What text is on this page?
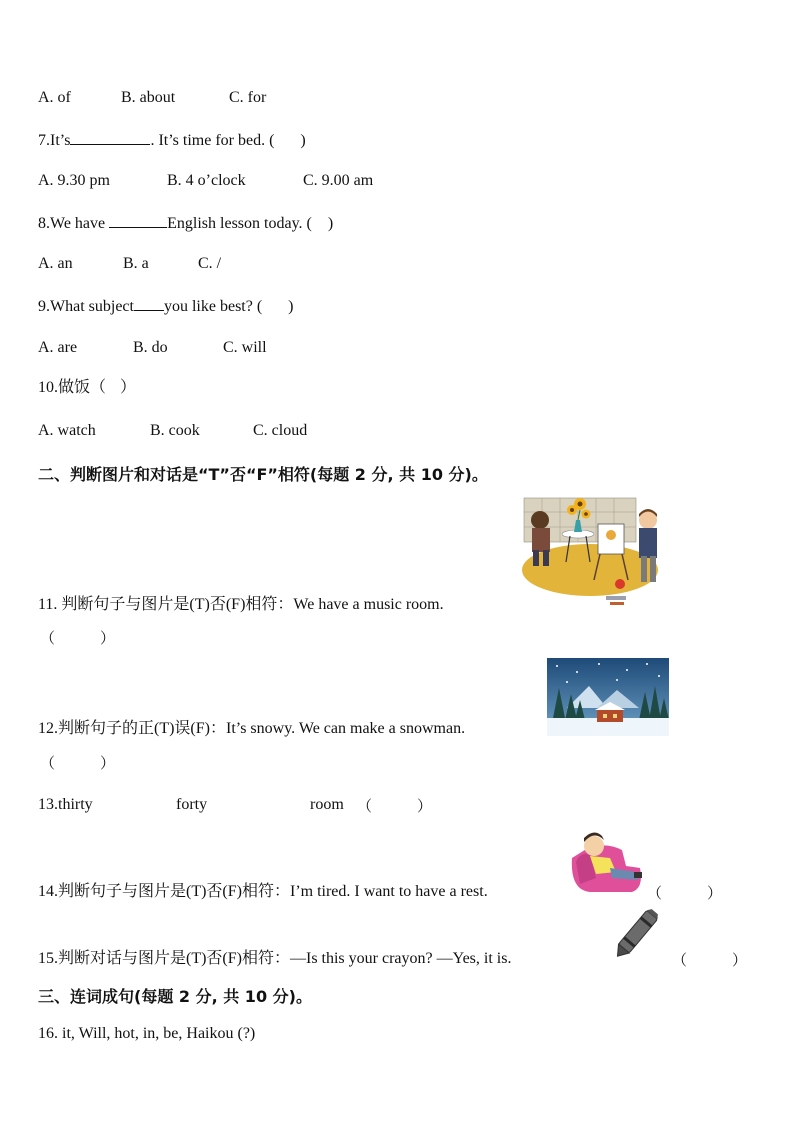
A. of	B. about	C. for
7.It’s	. It’s time for bed. ( )
A. 9.30 pm	B. 4 o’clock	C. 9.00 am
8.We have	English lesson today. ( )
A. an	B. a	C. /
9.What subject you like best? ( )
A. are	B. do	C. will
10.做饭（ ）
A. watch	B. cook	C. cloud
二、判断图片和对话是“T”否“F”相符(每题 2 分, 共 10 分)。
11. 判断句子与图片是(T)否(F)相符：We have a music room.
（　　　）
12.判断句子的正(T)误(F)：It’s snowy. We can make a snowman.
（　　　）
13.thirty	forty	room （　　　）
14.判断句子与图片是(T)否(F)相符：I’m tired. I want to have a rest.	（　　　）
15.判断对话与图片是(T)否(F)相符：—Is this your crayon? —Yes, it is.	（　　　）
三、连词成句(每题 2 分, 共 10 分)。
16. it, Will, hot, in, be, Haikou (?)
